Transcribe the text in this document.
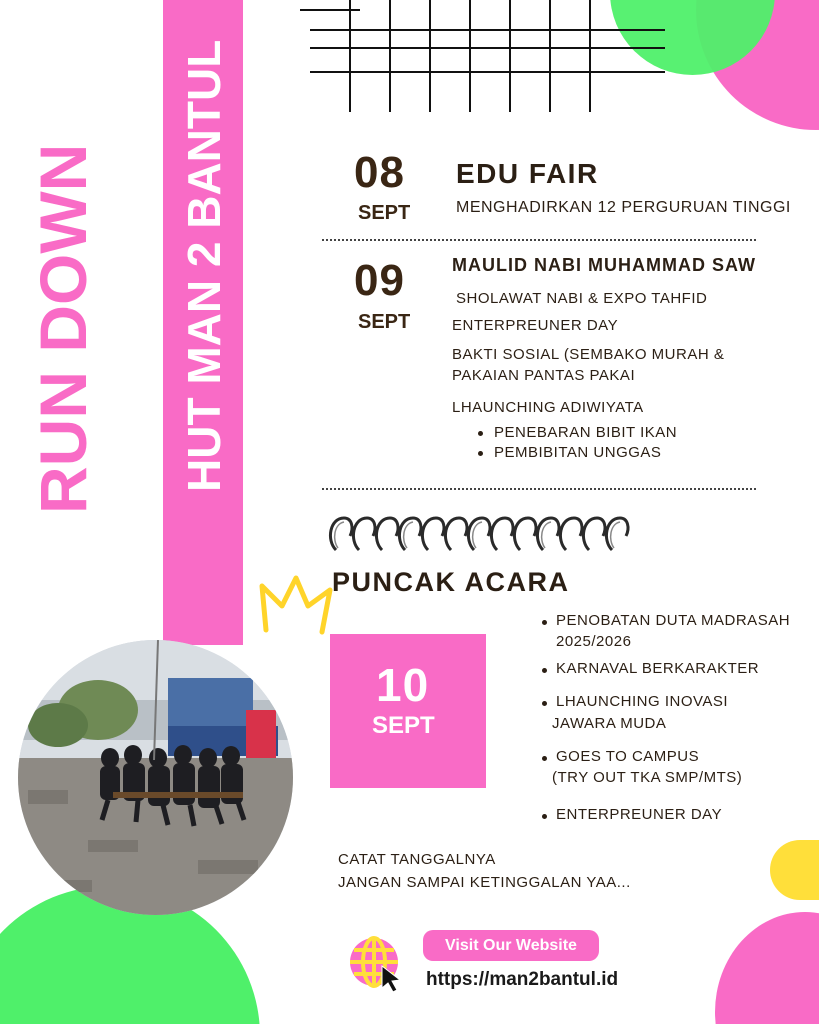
RUN DOWN HUT MAN 2 BANTUL	08
SEPT
EDU FAIR
MENGHADIRKAN 12 PERGURUAN TINGGI
09
SEPT
MAULID NABI MUHAMMAD SAW
SHOLAWAT NABI & EXPO TAHFID
ENTERPREUNER DAY
BAKTI SOSIAL (SEMBAKO MURAH &
PAKAIAN PANTAS PAKAI
LHAUNCHING ADIWIYATA
PENEBARAN BIBIT IKAN
PEMBIBITAN UNGGAS
PUNCAK ACARA
10
SEPT
PENOBATAN DUTA MADRASAH
2025/2026
KARNAVAL BERKARAKTER
LHAUNCHING INOVASI
JAWARA MUDA
GOES TO CAMPUS
(TRY OUT TKA SMP/MTS)
ENTERPREUNER DAY
CATAT TANGGALNYA
JANGAN SAMPAI KETINGGALAN YAA...
Visit Our Website
https://man2bantul.id
